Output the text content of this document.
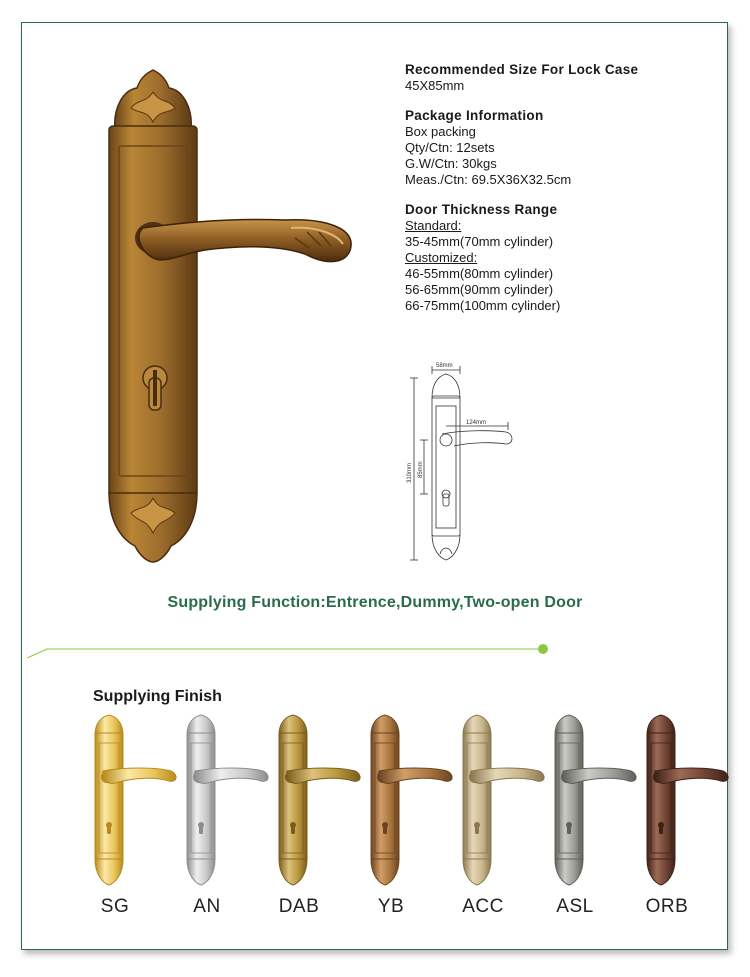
Recommended Size For Lock Case
45X85mm
Package Information
Box packing
Qty/Ctn: 12sets
G.W/Ctn: 30kgs
Meas./Ctn: 69.5X36X32.5cm
Door Thickness Range
Standard:
35-45mm(70mm cylinder)
Customized:
46-55mm(80mm cylinder)
56-65mm(90mm cylinder)
66-75mm(100mm cylinder)
58mm
124mm
310mm 85mm
Supplying Function:Entrence,Dummy,Two-open Door
Supplying Finish
SG	AN	DAB	YB	ACC	ASL	ORB
